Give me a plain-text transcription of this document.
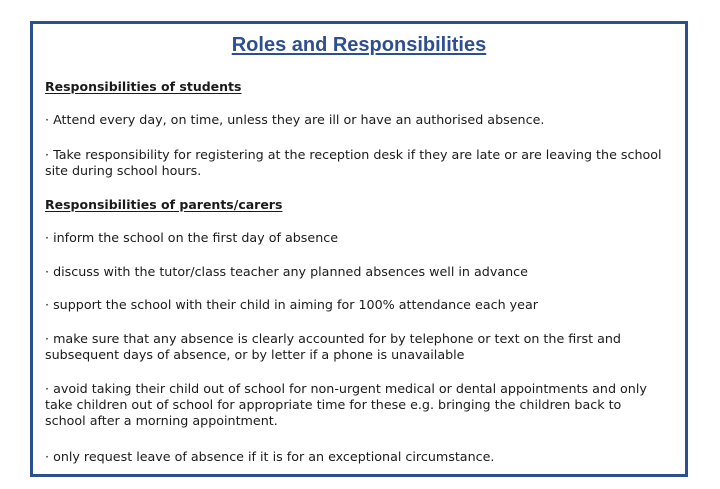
Roles and Responsibilities
Responsibilities of students
· Attend every day, on time, unless they are ill or have an authorised absence.
· Take responsibility for registering at the reception desk if they are late or are leaving the school
site during school hours.
Responsibilities of parents/carers
· inform the school on the first day of absence
· discuss with the tutor/class teacher any planned absences well in advance
· support the school with their child in aiming for 100% attendance each year
· make sure that any absence is clearly accounted for by telephone or text on the first and
subsequent days of absence, or by letter if a phone is unavailable
· avoid taking their child out of school for non-urgent medical or dental appointments and only
take children out of school for appropriate time for these e.g. bringing the children back to
school after a morning appointment.
· only request leave of absence if it is for an exceptional circumstance.
